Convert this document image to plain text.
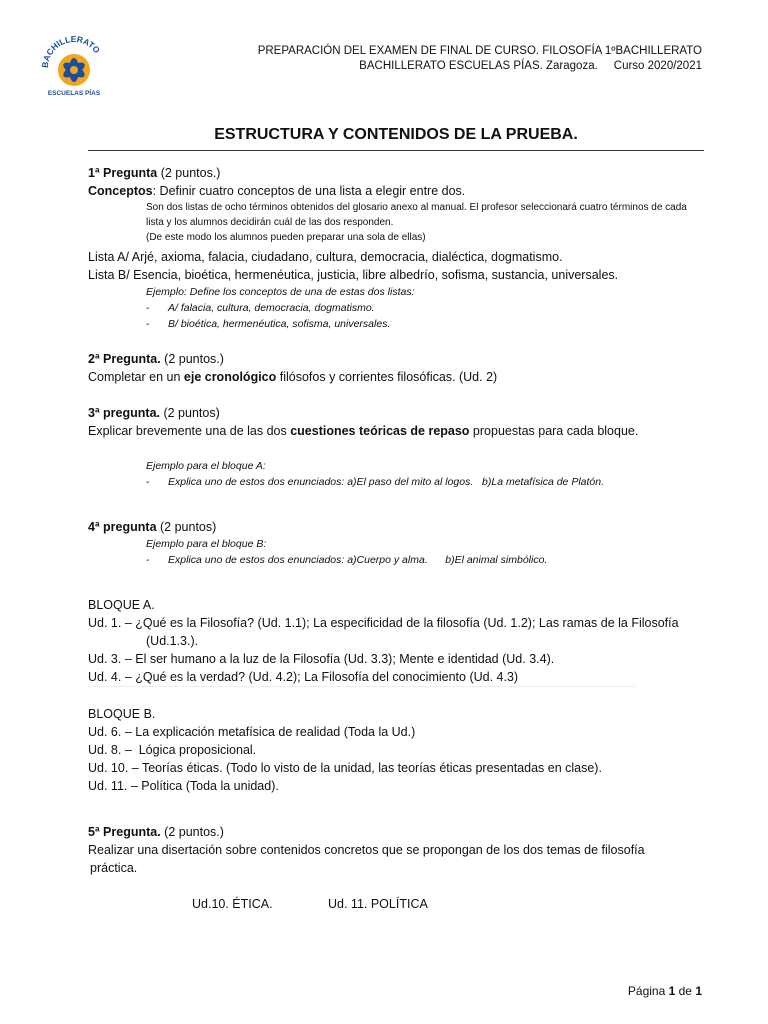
BACHILLERATO
ESCUELAS PÍAS
PREPARACIÓN DEL EXAMEN DE FINAL DE CURSO. FILOSOFÍA 1ºBACHILLERATO
BACHILLERATO ESCUELAS PÍAS. Zaragoza.     Curso 2020/2021
ESTRUCTURA Y CONTENIDOS DE LA PRUEBA.
1ª Pregunta (2 puntos.)
Conceptos: Definir cuatro conceptos de una lista a elegir entre dos.
Son dos listas de ocho términos obtenidos del glosario anexo al manual. El profesor seleccionará cuatro términos de cada lista y los alumnos decidirán cuál de las dos responden.
(De este modo los alumnos pueden preparar una sola de ellas)
Lista A/ Arjé, axioma, falacia, ciudadano, cultura, democracia, dialéctica, dogmatismo.
Lista B/ Esencia, bioética, hermenéutica, justicia, libre albedrío, sofisma, sustancia, universales.
Ejemplo: Define los conceptos de una de estas dos listas:
- A/ falacia, cultura, democracia, dogmatismo.
- B/ bioética, hermenéutica, sofisma, universales.
2ª Pregunta. (2 puntos.)
Completar en un eje cronológico filósofos y corrientes filosóficas. (Ud. 2)
3ª pregunta. (2 puntos)
Explicar brevemente una de las dos cuestiones teóricas de repaso propuestas para cada bloque.
Ejemplo para el bloque A:
- Explica uno de estos dos enunciados: a)El paso del mito al logos.   b)La metafísica de Platón.
4ª pregunta (2 puntos)
Ejemplo para el bloque B:
- Explica uno de estos dos enunciados: a)Cuerpo y alma.      b)El animal simbólico.
BLOQUE A.
Ud. 1. – ¿Qué es la Filosofía? (Ud. 1.1); La especificidad de la filosofía (Ud. 1.2); Las ramas de la Filosofía
(Ud.1.3.).
Ud. 3. – El ser humano a la luz de la Filosofía (Ud. 3.3); Mente e identidad (Ud. 3.4).
Ud. 4. – ¿Qué es la verdad? (Ud. 4.2); La Filosofía del conocimiento (Ud. 4.3)
BLOQUE B.
Ud. 6. – La explicación metafísica de realidad (Toda la Ud.)
Ud. 8. –  Lógica proposicional.
Ud. 10. – Teorías éticas. (Todo lo visto de la unidad, las teorías éticas presentadas en clase).
Ud. 11. – Política (Toda la unidad).
5ª Pregunta. (2 puntos.)
Realizar una disertación sobre contenidos concretos que se propongan de los dos temas de filosofía
práctica.
Ud.10. ÉTICA.	Ud. 11. POLÍTICA
Página 1 de 1
